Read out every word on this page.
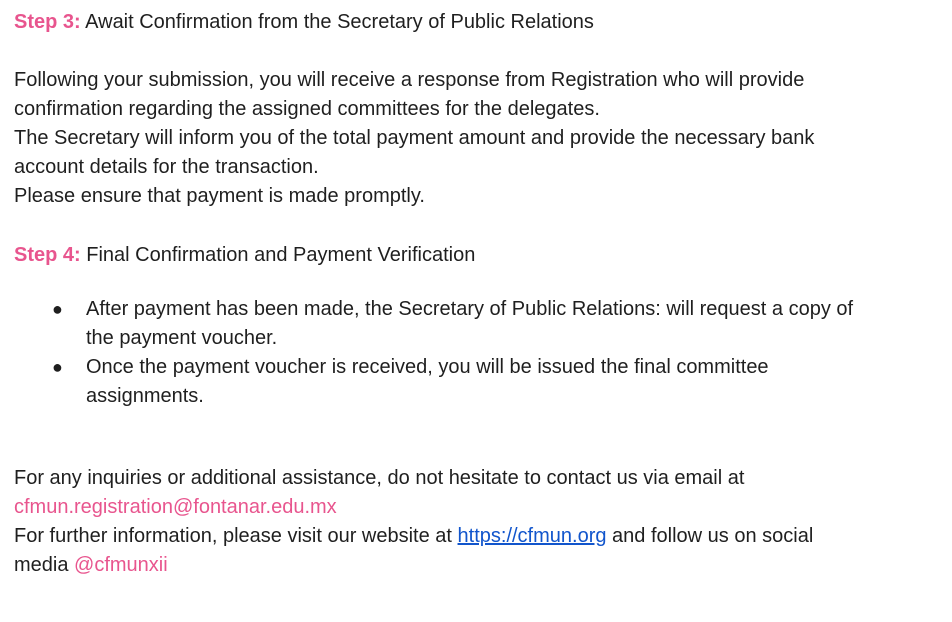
Step 3: Await Confirmation from the Secretary of Public Relations
Following your submission, you will receive a response from Registration who will provide
confirmation regarding the assigned committees for the delegates.
The Secretary will inform you of the total payment amount and provide the necessary bank
account details for the transaction.
Please ensure that payment is made promptly.
Step 4: Final Confirmation and Payment Verification
● After payment has been made, the Secretary of Public Relations: will request a copy of
the payment voucher.
● Once the payment voucher is received, you will be issued the final committee
assignments.
For any inquiries or additional assistance, do not hesitate to contact us via email at
cfmun.registration@fontanar.edu.mx
For further information, please visit our website at https://cfmun.org and follow us on social
media @cfmunxii
